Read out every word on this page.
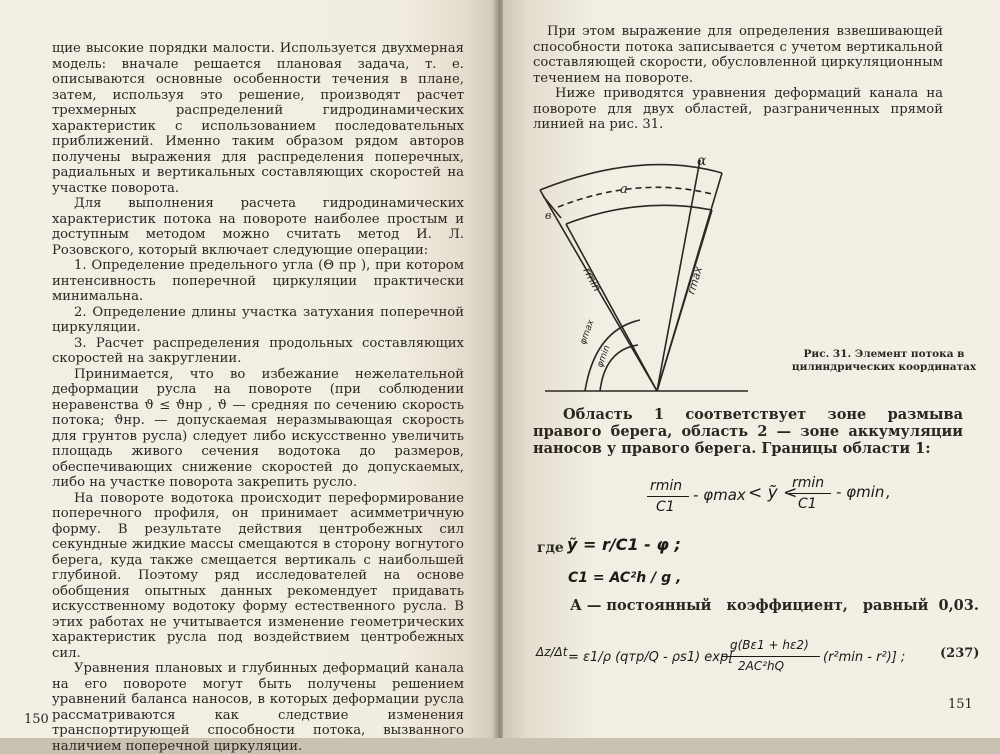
щие высокие порядки малости. Используется двухмерная модель: вначале решается плановая задача, т. е. описываются основные особенности течения в плане, затем, используя это решение, производят расчет трехмерных распределений гидродинамических характеристик с использованием последовательных приближений. Именно таким образом рядом авторов получены выражения для распределения поперечных, радиальных и вертикальных составляющих скоростей на участке поворота.

Для выполнения расчета гидродинамических характеристик потока на повороте наиболее простым и доступным методом можно считать метод И. Л. Розовского, который включает следующие операции:

1. Определение предельного угла (Θ пр ), при котором интенсивность поперечной циркуляции практически минимальна.

2. Определение длины участка затухания поперечной циркуляции.

3. Расчет распределения продольных составляющих скоростей на закруглении.

Принимается, что во избежание нежелательной деформации русла на повороте (при соблюдении неравенства ϑ ≤ ϑнр , ϑ — средняя по сечению скорость потока; ϑнр. — допускаемая неразмывающая скорость для грунтов русла) следует либо искусственно увеличить площадь живого сечения водотока до размеров, обеспечивающих снижение скоростей до допускаемых, либо на участке поворота закрепить русло.

На повороте водотока происходит переформирование поперечного профиля, он принимает асимметричную форму. В результате действия центробежных сил секундные жидкие массы смещаются в сторону вогнутого берега, куда также смещается вертикаль с наибольшей глубиной. Поэтому ряд исследователей на основе обобщения опытных данных рекомендует придавать искусственному водотоку форму естественного русла. В этих работах не учитывается изменение геометрических характеристик русла под воздействием центробежных сил.

Уравнения плановых и глубинных деформаций канала на его повороте могут быть получены решением уравнений баланса наносов, в которых деформации русла рассматриваются как следствие изменения транспортирующей способности потока, вызванного наличием поперечной циркуляции.

150

При этом выражение для определения взвешивающей способности потока записывается с учетом вертикальной составляющей скорости, обусловленной циркуляционным течением на повороте.

Ниже приводятся уравнения деформаций канала на повороте для двух областей, разграниченных прямой линией на рис. 31.

α
a
в
rmin	rmax
φmax
φmin	Рис. 31. Элемент потока в цилиндрических координатах

Область 1 соответствует зоне размыва правого берега, область 2 — зоне аккумуляции наносов у правого берега. Границы области 1:

rmin
C1
- φmax < ỹ <
rmin
C1
- φmin ,
где ỹ = r/C1 - φ ;
C1 = AC²h / g ,
А — постоянный   коэффициент,   равный  0,03.
Δz/Δt = ε1/ρ (qтр/Q - ρs1) exp[
g(Bε1 + hε2)
2AC²hQ
(r²min - r²)] ;	(237)
151
